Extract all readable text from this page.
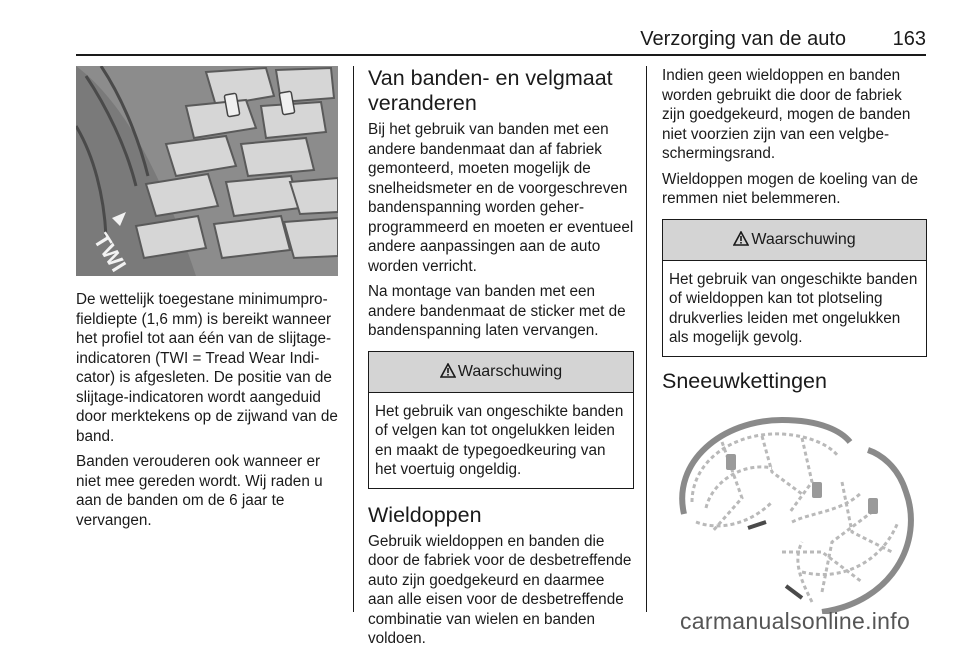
Verzorging van de auto 163
TWI

De wettelijk toegestane minimumprofieldiepte (1,6 mm) is bereikt wanneer het profiel tot aan één van de slijtageindicatoren (TWI = Tread Wear Indicator) is afgesleten. De positie van de slijtage-indicatoren wordt aangeduid door merktekens op de zijwand van de band.

Banden verouderen ook wanneer er niet mee gereden wordt. Wij raden u aan de banden om de 6 jaar te vervangen.

Van banden- en velgmaat veranderen

Bij het gebruik van banden met een andere bandenmaat dan af fabriek gemonteerd, moeten mogelijk de snelheidsmeter en de voorgeschreven bandenspanning worden geherprogrammeerd en moeten er eventueel andere aanpassingen aan de auto worden verricht.

Na montage van banden met een andere bandenmaat de sticker met de bandenspanning laten vervangen.

Waarschuwing
Het gebruik van ongeschikte banden of velgen kan tot ongelukken leiden en maakt de typegoedkeuring van het voertuig ongeldig.
Wieldoppen

Gebruik wieldoppen en banden die door de fabriek voor de desbetreffende auto zijn goedgekeurd en daarmee aan alle eisen voor de desbetreffende combinatie van wielen en banden voldoen.

Indien geen wieldoppen en banden worden gebruikt die door de fabriek zijn goedgekeurd, mogen de banden niet voorzien zijn van een velgbeschermingsrand.

Wieldoppen mogen de koeling van de remmen niet belemmeren.

Waarschuwing
Het gebruik van ongeschikte banden of wieldoppen kan tot plotseling drukverlies leiden met ongelukken als mogelijk gevolg.
Sneeuwkettingen
carmanualsonline.info
